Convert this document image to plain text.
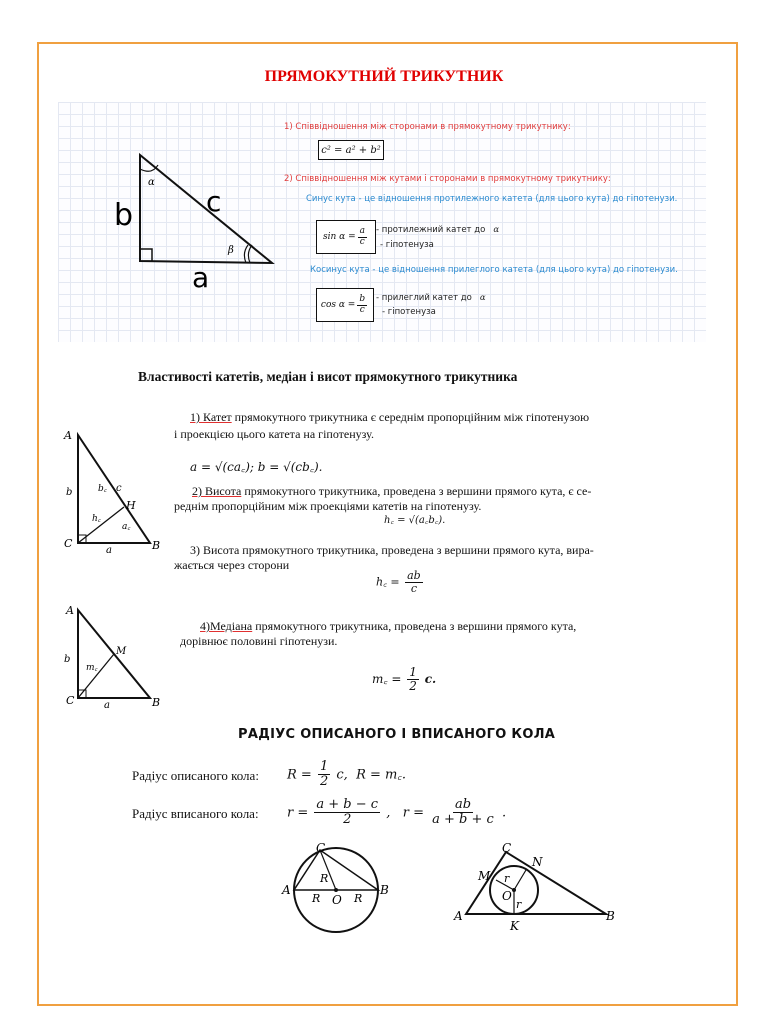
ПРЯМОКУТНИЙ ТРИКУТНИК
α
β
b	c
a
1) Співвідношення між сторонами в прямокутному трикутнику:
c² = a² + b²
2) Співвідношення між кутами і сторонами в прямокутному трикутнику:
Синус кута - це відношення протилежного катета (для цього кута) до гіпотенузи.
$\sin \alpha = \frac{a}{c}$ - протилежний катет до α
- гіпотенуза
Косинус кута - це відношення прилеглого катета (для цього кута) до гіпотенузи.
$\cos \alpha = \frac{b}{c}$ - прилеглий катет до α
- гіпотенуза
Властивості катетів, медіан і висот прямокутного трикутника
A
C	B
H
b
a
c
b꜀
h꜀
a꜀
1) Катет прямокутного трикутника є середнім пропорційним між гіпотенузою
і проекцією цього катета на гіпотенузу.
a = √(ca꜀); b = √(cb꜀).
2) Висота прямокутного трикутника, проведена з вершини прямого кута, є се-
реднім пропорційним між проекціями катетів на гіпотенузу.
h꜀ = √(a꜀b꜀).
3) Висота прямокутного трикутника, проведена з вершини прямого кута, вира-
жається через сторони
h꜀ = $\frac{ab}{c}$
A
C	B
M
b
a
m꜀
4)Медіана прямокутного трикутника, проведена з вершини прямого кута,
дорівнює половині гіпотенузи.
m꜀ = $\frac{1}{2} c$.
РАДІУС ОПИСАНОГО І ВПИСАНОГО КОЛА
Радіус описаного кола: $R = \frac{1}{2} c$, R = m꜀.
Радіус вписаного кола: $r = \frac{a + b - c}{2}$ , $r = \frac{ab}{a + b + c}$ .
C
A	B
O
R
R	R
C
A	B
M
N
K
O
r
r
